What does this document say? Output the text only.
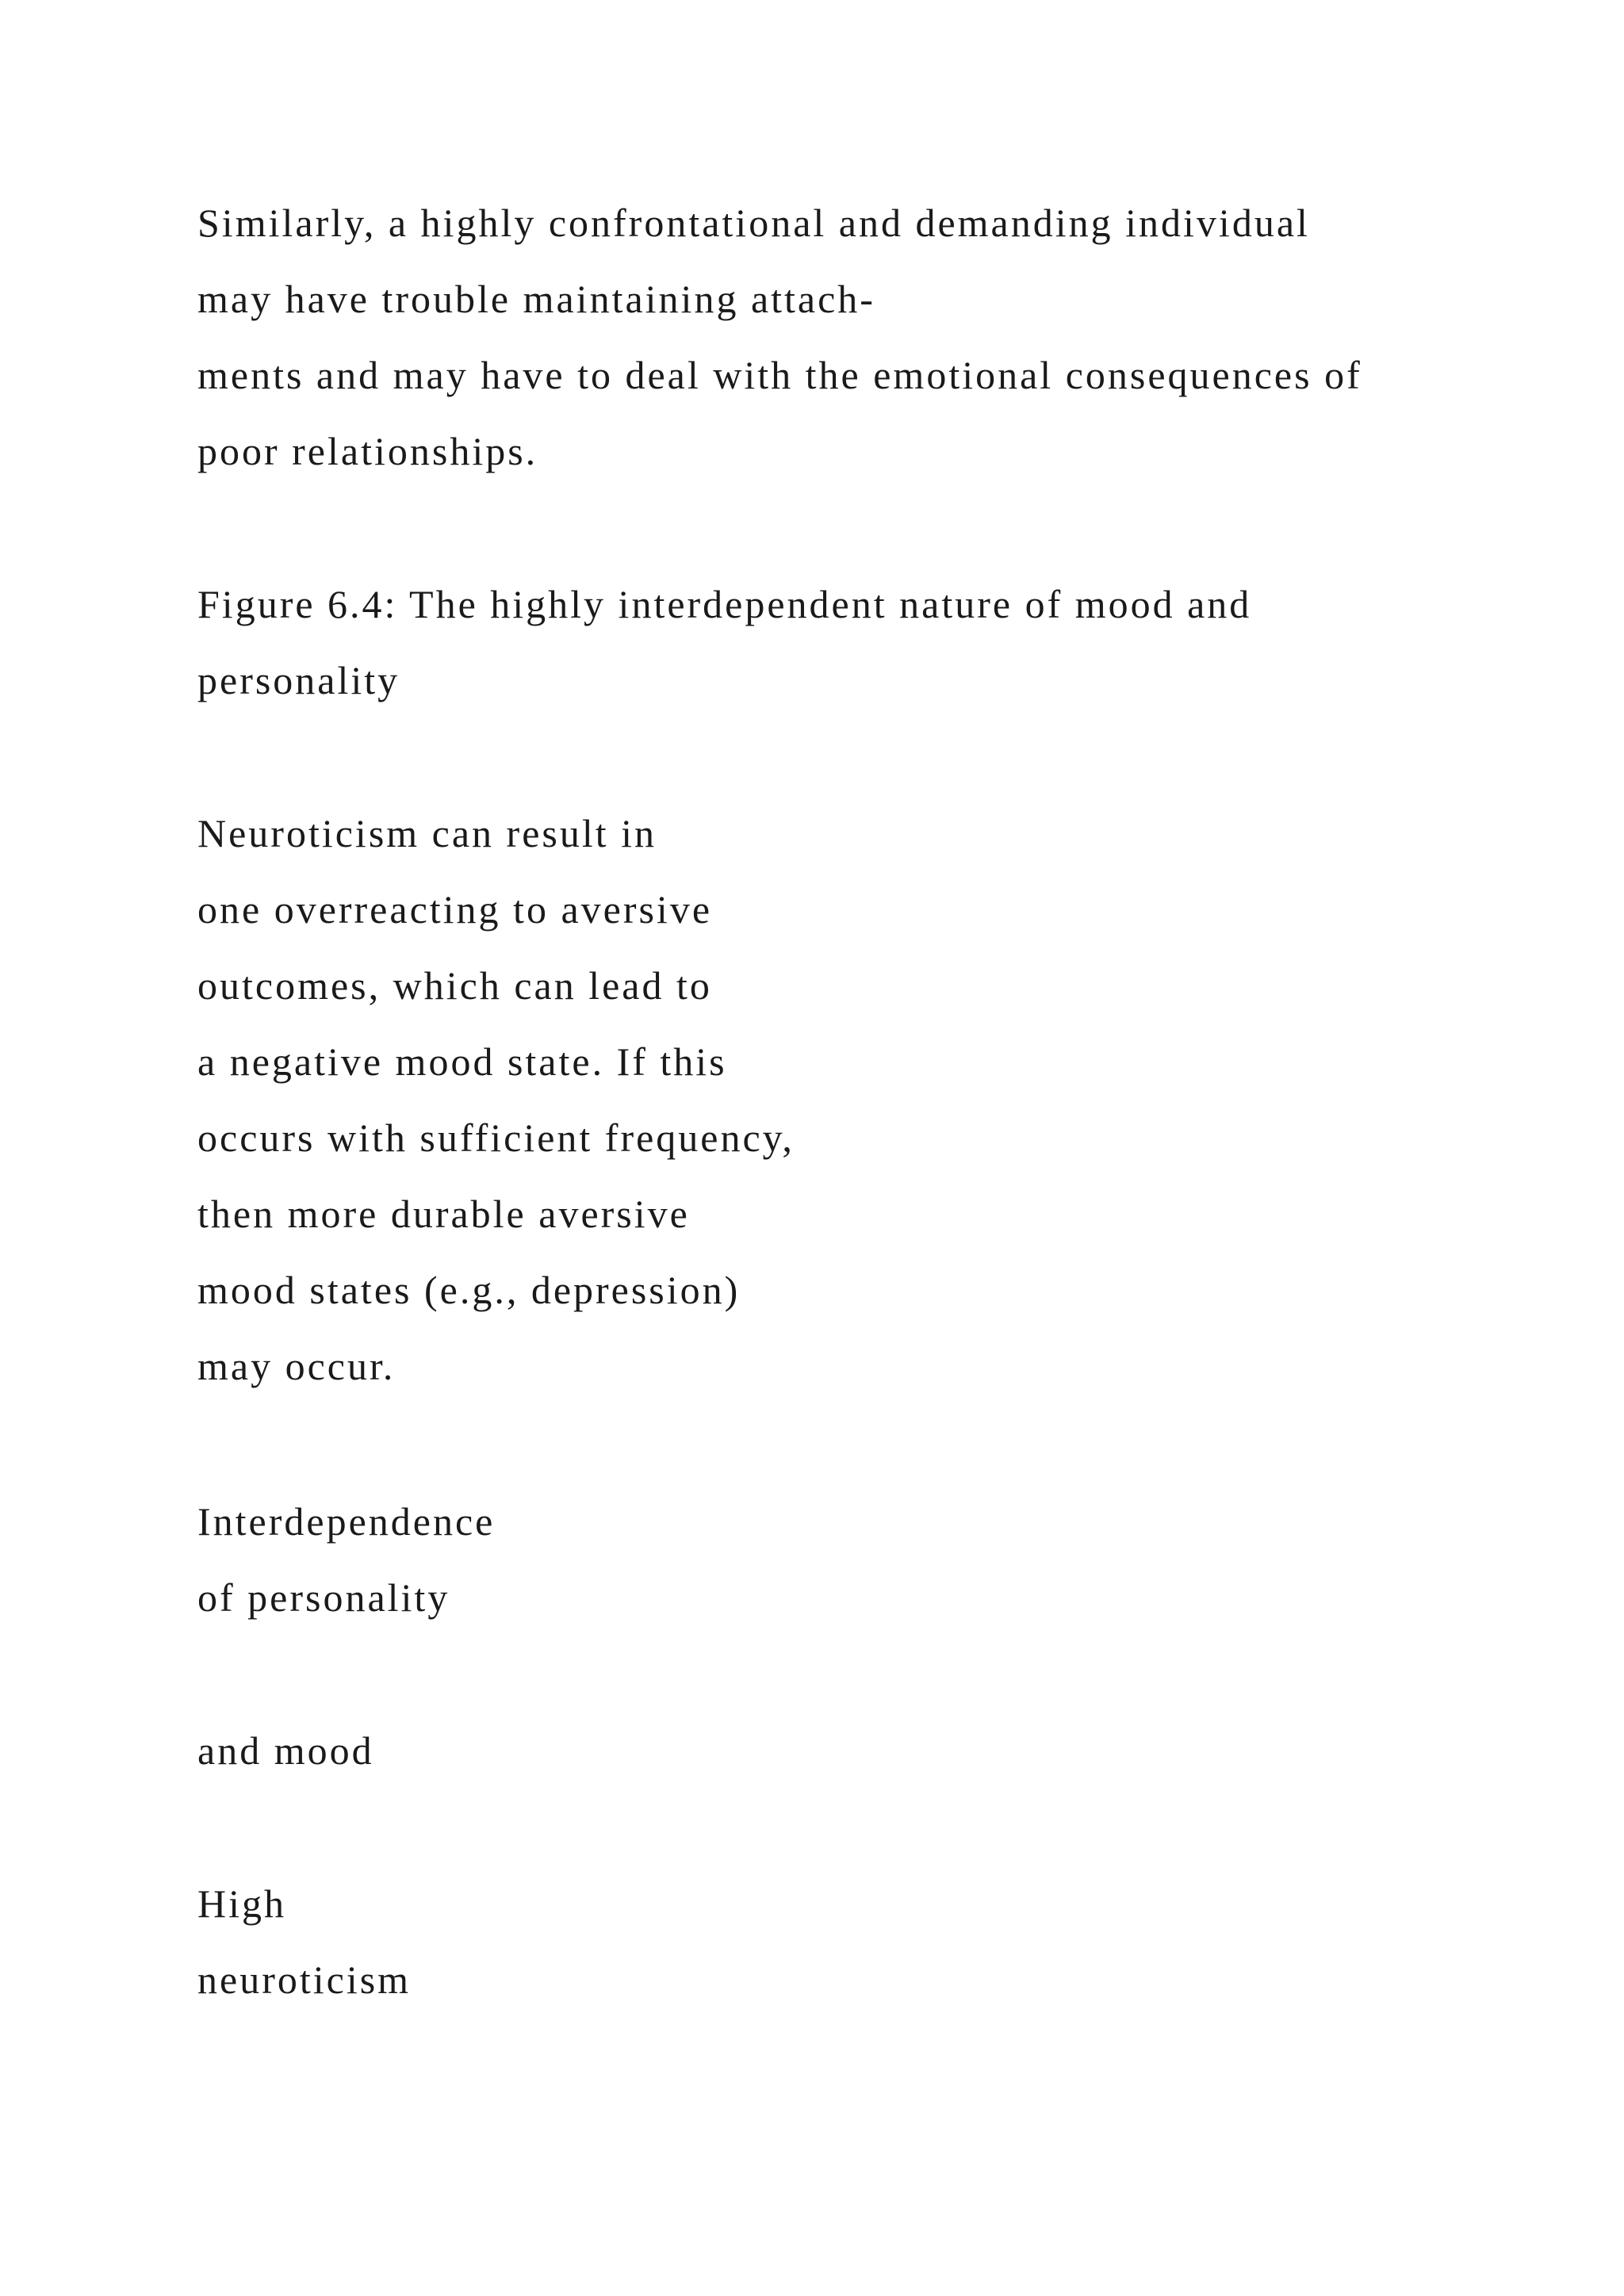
Similarly, a highly confrontational and demanding individual
may have trouble maintaining attach-
ments and may have to deal with the emotional consequences of
poor relationships.
Figure 6.4: The highly interdependent nature of mood and
personality
Neuroticism can result in
one overreacting to aversive
outcomes, which can lead to
a negative mood state. If this
occurs with sufficient frequency,
then more durable aversive
mood states (e.g., depression)
may occur.
Interdependence
of personality
and mood
High
neuroticism
